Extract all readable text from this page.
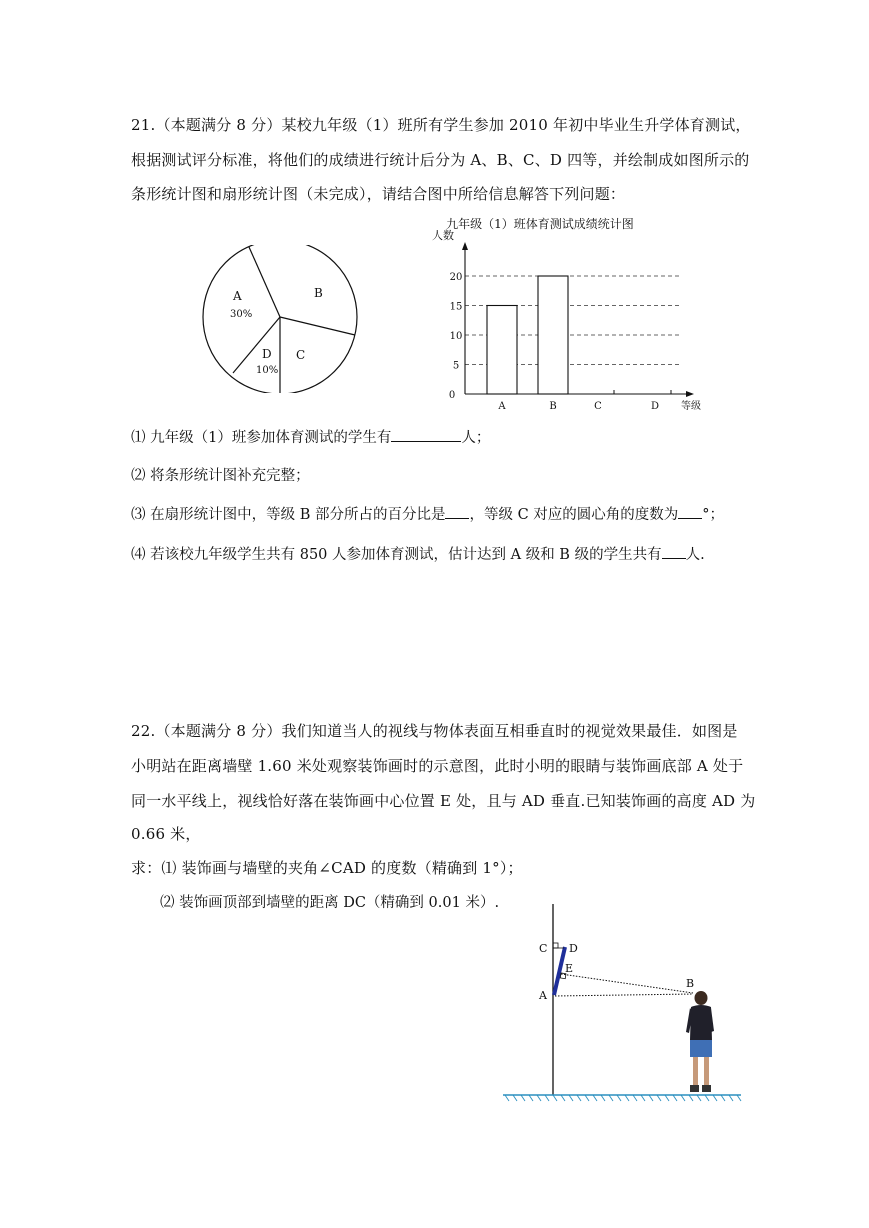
21.（本题满分 8 分）某校九年级（1）班所有学生参加 2010 年初中毕业生升学体育测试，
根据测试评分标准，将他们的成绩进行统计后分为 A、B、C、D 四等，并绘制成如图所示的
条形统计图和扇形统计图（未完成），请结合图中所给信息解答下列问题：
A
30%
B
C
D
10%
九年级（1）班体育测试成绩统计图
人数
等级
0
5
10
15
20
A	B	C	D
⑴ 九年级（1）班参加体育测试的学生有	人；
⑵ 将条形统计图补充完整；
⑶ 在扇形统计图中，等级 B 部分所占的百分比是 ，等级 C 对应的圆心角的度数为 °；
⑷ 若该校九年级学生共有 850 人参加体育测试，估计达到 A 级和 B 级的学生共有 人.
22.（本题满分 8 分）我们知道当人的视线与物体表面互相垂直时的视觉效果最佳．如图是
小明站在距离墙壁 1.60 米处观察装饰画时的示意图，此时小明的眼睛与装饰画底部 A 处于
同一水平线上，视线恰好落在装饰画中心位置 E 处，且与 AD 垂直.已知装饰画的高度 AD 为
0.66 米，
求：⑴ 装饰画与墙壁的夹角∠CAD 的度数（精确到 1°）；
⑵ 装饰画顶部到墙壁的距离 DC（精确到 0.01 米）.
C D
E
A
B
